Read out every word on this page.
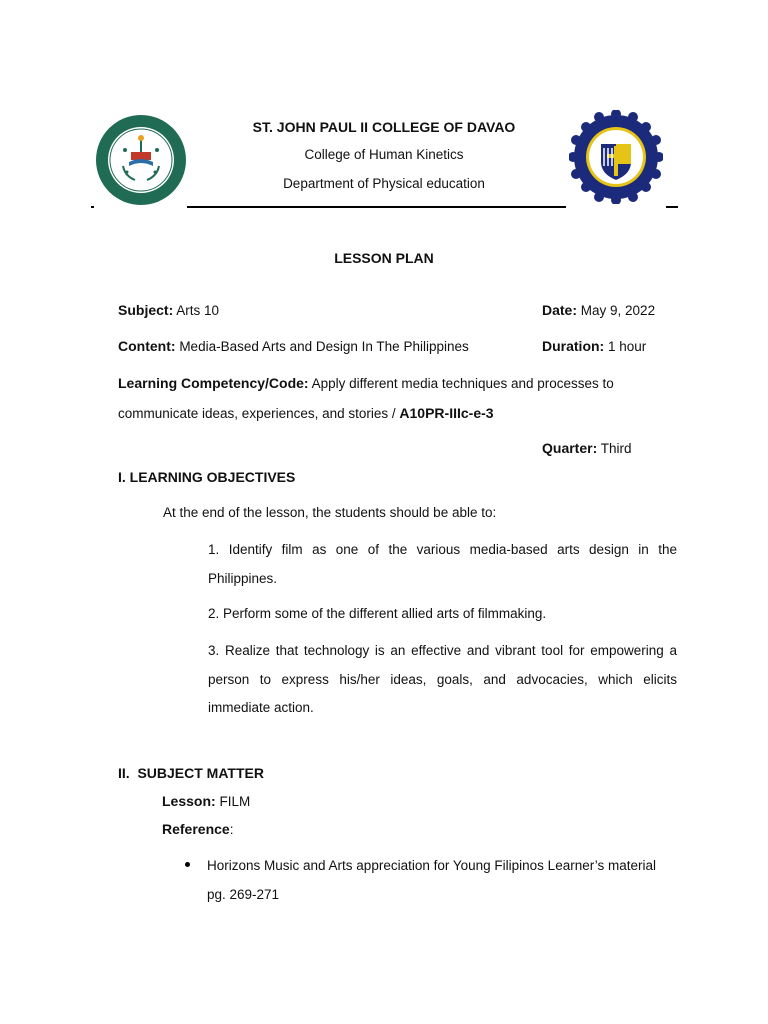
ST. JOHN PAUL II COLLEGE OF DAVAO
College of Human Kinetics
Department of Physical education
LESSON PLAN
Subject: Arts 10	Date: May 9, 2022
Content: Media-Based Arts and Design In The Philippines	Duration: 1 hour
Learning Competency/Code: Apply different media techniques and processes to communicate ideas, experiences, and stories / A10PR-IIIc-e-3
Quarter: Third
I. LEARNING OBJECTIVES
At the end of the lesson, the students should be able to:
1. Identify film as one of the various media-based arts design in the Philippines.
2. Perform some of the different allied arts of filmmaking.
3. Realize that technology is an effective and vibrant tool for empowering a person to express his/her ideas, goals, and advocacies, which elicits immediate action.
II.  SUBJECT MATTER
Lesson: FILM
Reference:
Horizons Music and Arts appreciation for Young Filipinos Learner’s material pg. 269-271
